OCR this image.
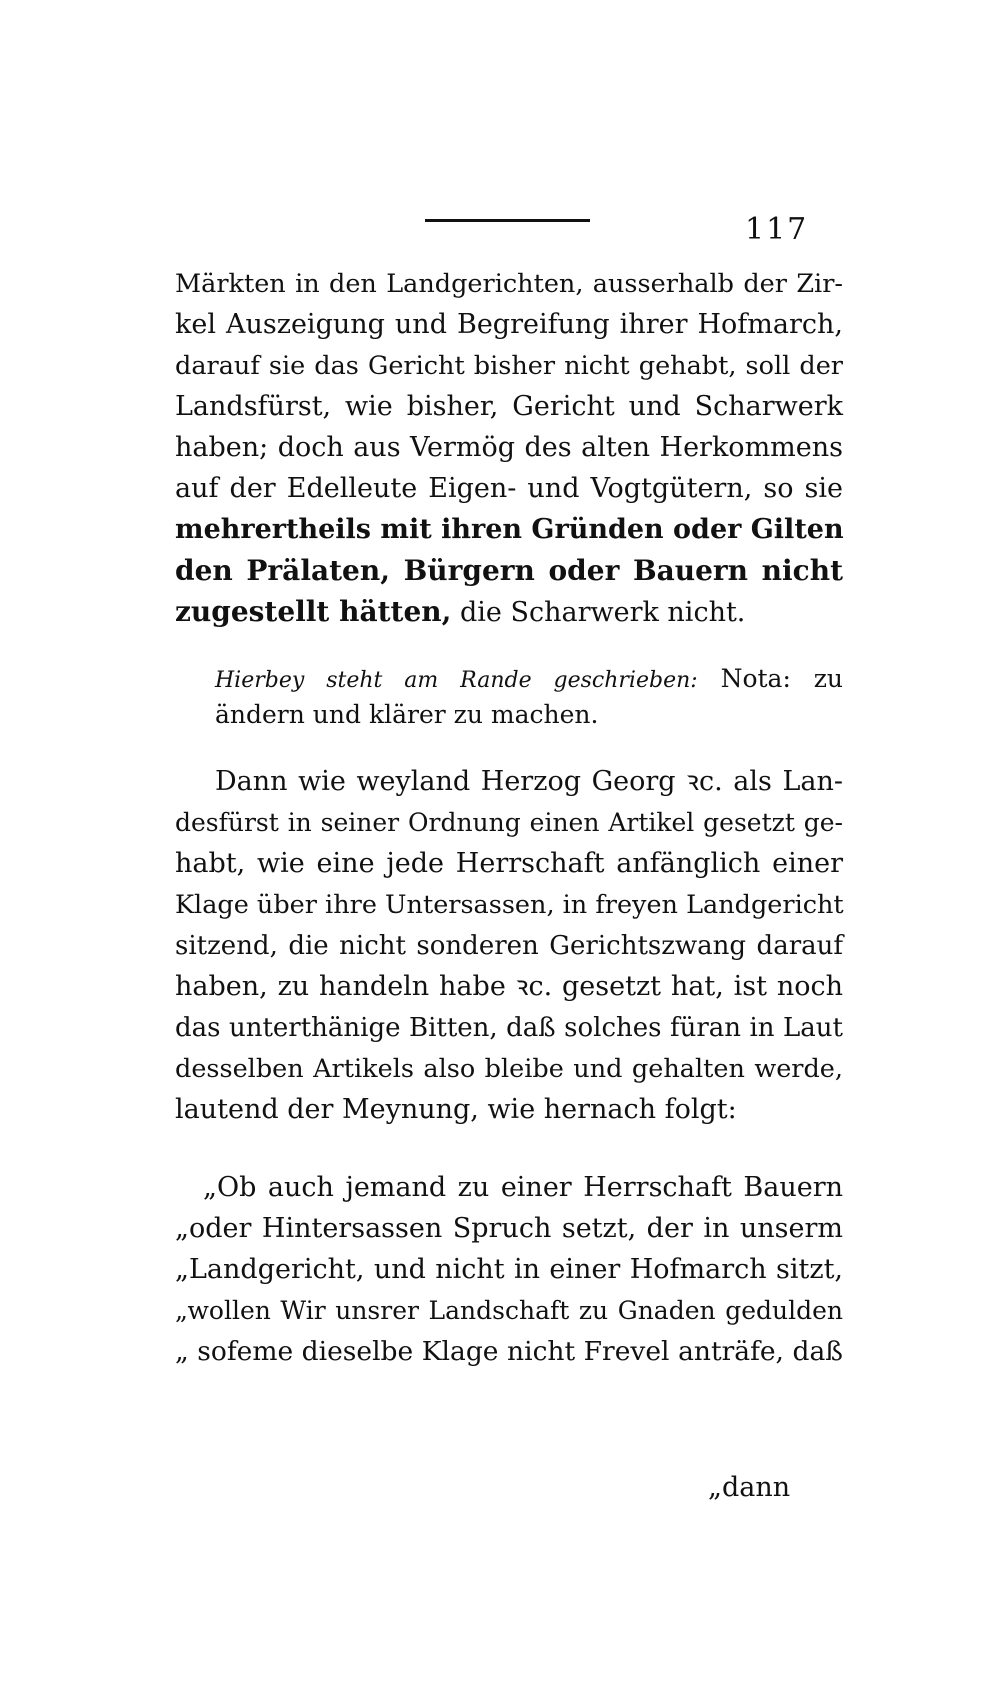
117
Märkten in den Landgerichten, ausserhalb der Zir-
kel Auszeigung und Begreifung ihrer Hofmarch,
darauf sie das Gericht bisher nicht gehabt, soll der
Landsfürst, wie bisher, Gericht und Scharwerk
haben; doch aus Vermög des alten Herkommens
auf der Edelleute Eigen- und Vogtgütern, so sie
mehrertheils mit ihren Gründen oder Gilten
den Prälaten, Bürgern oder Bauern nicht
zugestellt hätten, die Scharwerk nicht.
Hierbey steht am Rande geschrieben: Nota: zu
ändern und klärer zu machen.
Dann wie weyland Herzog Georg ꝛc. als Lan-
desfürst in seiner Ordnung einen Artikel gesetzt ge-
habt, wie eine jede Herrschaft anfänglich einer
Klage über ihre Untersassen, in freyen Landgericht
sitzend, die nicht sonderen Gerichtszwang darauf
haben, zu handeln habe ꝛc. gesetzt hat, ist noch
das unterthänige Bitten, daß solches füran in Laut
desselben Artikels also bleibe und gehalten werde,
lautend der Meynung, wie hernach folgt:
„Ob auch jemand zu einer Herrschaft Bauern
„oder Hintersassen Spruch setzt, der in unserm
„Landgericht, und nicht in einer Hofmarch sitzt,
„wollen Wir unsrer Landschaft zu Gnaden gedulden
„ sofeme dieselbe Klage nicht Frevel anträfe, daß
„dann
